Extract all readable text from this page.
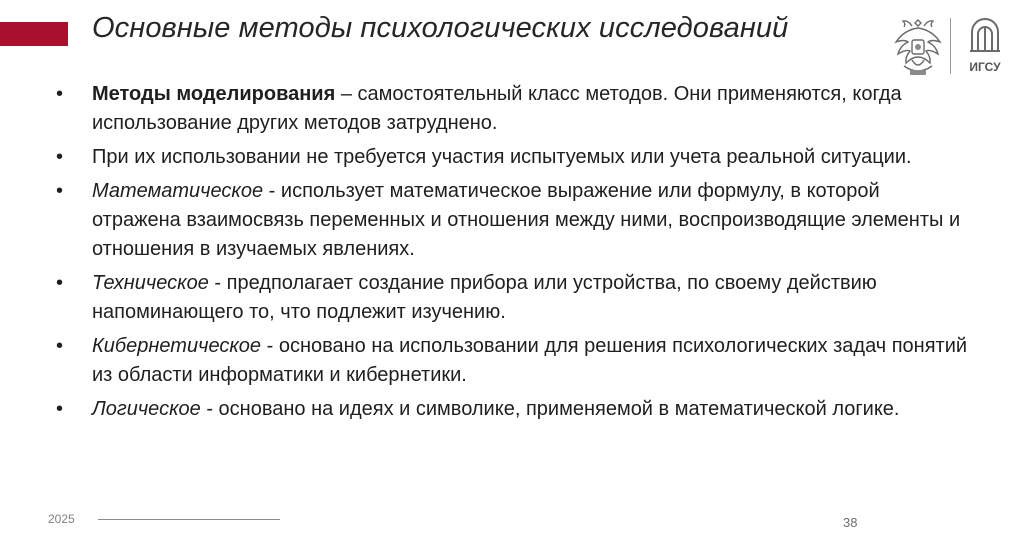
Основные методы психологических исследований
ИГСУ
• Методы моделирования – самостоятельный класс методов. Они применяются, когда использование других методов затруднено.
• При их использовании не требуется участия испытуемых или учета реальной ситуации.
• Математическое - использует математическое выражение или формулу, в которой отражена взаимосвязь переменных и отношения между ними, воспроизводящие элементы и отношения в изучаемых явлениях.
• Техническое - предполагает создание прибора или устройства, по своему действию напоминающего то, что подлежит изучению.
• Кибернетическое - основано на использовании для решения психологических задач понятий из области информатики и кибернетики.
• Логическое - основано на идеях и символике, применяемой в математической логике.
2025	38
